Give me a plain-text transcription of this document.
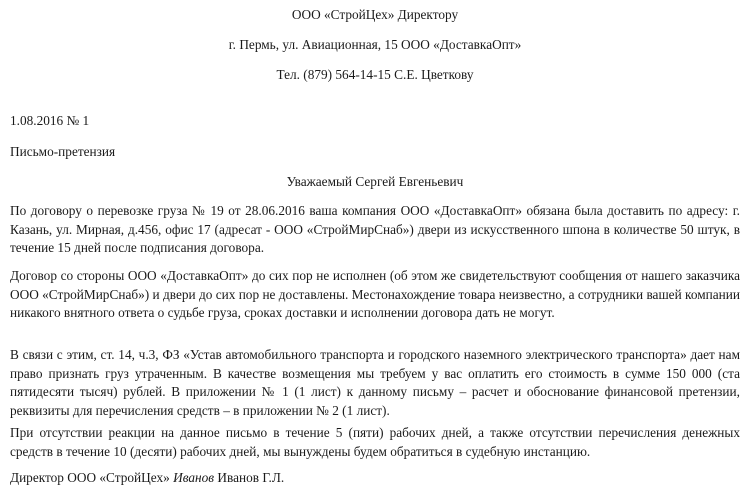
ООО «СтройЦех» Директору
г. Пермь, ул. Авиационная, 15 ООО «ДоставкаОпт»
Тел. (879) 564-14-15 С.Е. Цветкову
1.08.2016 № 1
Письмо-претензия
Уважаемый Сергей Евгеньевич

По договору о перевозке груза № 19 от 28.06.2016 ваша компания ООО «ДоставкаОпт» обязана была доставить по адресу: г. Казань, ул. Мирная, д.456, офис 17 (адресат - ООО «СтройМирСнаб») двери из искусственного шпона в количестве 50 штук, в течение 15 дней после подписания договора.

Договор со стороны ООО «ДоставкаОпт» до сих пор не исполнен (об этом же свидетельствуют сообщения от нашего заказчика ООО «СтройМирСнаб») и двери до сих пор не доставлены. Местонахождение товара неизвестно, а сотрудники вашей компании никакого внятного ответа о судьбе груза, сроках доставки и исполнении договора дать не могут.

В связи с этим, ст. 14, ч.3, ФЗ «Устав автомобильного транспорта и городского наземного электрического транспорта» дает нам право признать груз утраченным. В качестве возмещения мы требуем у вас оплатить его стоимость в сумме 150 000 (ста пятидесяти тысяч) рублей. В приложении № 1 (1 лист) к данному письму – расчет и обоснование финансовой претензии, реквизиты для перечисления средств – в приложении № 2 (1 лист).

При отсутствии реакции на данное письмо в течение 5 (пяти) рабочих дней, а также отсутствии перечисления денежных средств в течение 10 (десяти) рабочих дней, мы вынуждены будем обратиться в судебную инстанцию.

Директор ООО «СтройЦех» Иванов Иванов Г.Л.
